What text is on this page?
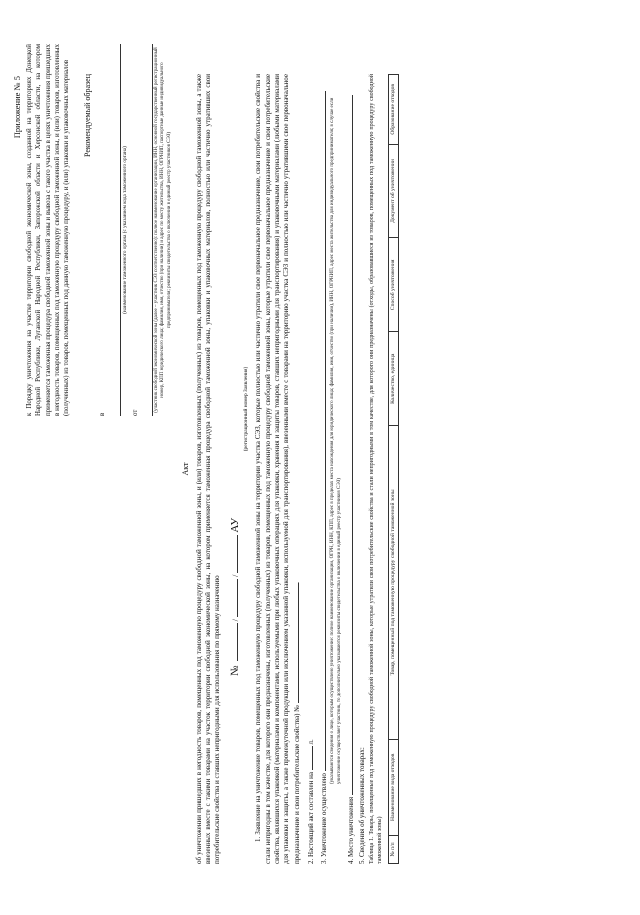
Приложение № 5 к Порядку уничтожения на участке территории свободной экономической зоны, созданной на территориях Донецкой Народной Республики, Луганской Народной Республики, Запорожской области и Херсонской области, на котором применяется таможенная процедура свободной таможенной зоны и вывоза с такого участка в целях уничтожения пришедших в негодность товаров, помещенных под таможенную процедуру свободной таможенной зоны, и (или) товаров, изготовленных (полученных) из товаров, помещенных под данную таможенную процедуру, и (или) упаковки и упаковочных материалов Рекомендуемый образец
в
(наименование таможенного органа (с указанием кода таможенного органа)
от
(участник свободной экономической зоны (далее – участник СЭЗ соответственно): полное наименование организации, ИНН, основной государственный регистрационный номер, КПП юридического лица; фамилия, имя, отчество (при наличии) и адрес по месту жительства, ИНН, ОГРНИП, паспортные данные индивидуального предпринимателя; реквизиты свидетельства о включении в единый реестр участников СЭЗ)
Акт об уничтожении пришедших в негодность товаров, помещенных под таможенную процедуру свободной таможенной зоны, и (или) товаров, изготовленных (полученных) из товаров, помещенных под таможенную процедуру свободной таможенной зоны, а также ввезенных вместе с такими товарами на участок территории свободной экономической зоны, на котором применяется таможенная процедура свободной таможенной зоны, упаковки и упаковочных материалов, полностью или частично утративших свои потребительские свойства и ставших непригодными для использования по прямому назначению № //АУ
(регистрационный номер Заявления) 1. Заявление на уничтожение товаров, помещенных под таможенную процедуру свободной таможенной зоны на территории участка СЭЗ, которые полностью или частично утратили свое первоначальное предназначение, свои потребительские свойства и стали непригодны в том качестве, для которого они предназначены, изготовленных (полученных) из товаров, помещенных под таможенную процедуру свободной таможенной зоны, которые утратили свое первоначальное предназначение и свои потребительские свойства, являвшихся упаковкой (материалами и компонентами, используемыми при любых упаковочных операциях для упаковки, хранения и защиты товаров, ставших непригодными для транспортирования) и упаковочными материалами (любыми материалами для упаковки и защиты, а также промежуточной продукции или исключением указанной упаковки, используемой для транспортирования), ввезенными вместе с товарами на территорию участка СЭЗ и полностью или частично утратившими свое первоначальное предназначение и свои потребительские свойства) № .

2. Настоящий акт составлен на  л.
3. Уничтожение осуществлено
(указываются сведения о лице, которым осуществлено уничтожение: полное наименование организации, ОГРН, ИНН, КПП, адрес в пределах места нахождения для юридического лица; фамилия, имя, отчество (при наличии), ИНН, ОГРНИП, адрес места жительства для индивидуального предпринимателя; в случае если уничтожение осуществляет участник, то дополнительно указываются реквизиты свидетельства о включении в единый реестр участников СЭЗ)
4. Место уничтожения 5. Сведения об уничтоженных товарах: Таблица 1. Товары, помещенные под таможенную процедуру свободной таможенной зоны, которые утратили свои потребительские свойства и стали непригодными в том качестве, для которого они предназначены (отходы, образовавшиеся из товаров, помещенных под таможенную процедуру свободной таможенной зоны)	№ п/п	Наименование вида отходов	Товар, помещенный под таможенную процедуру свободной таможенной зоны	Количество, единица	Способ уничтожения	Документ об уничтожении	Образование отходов
